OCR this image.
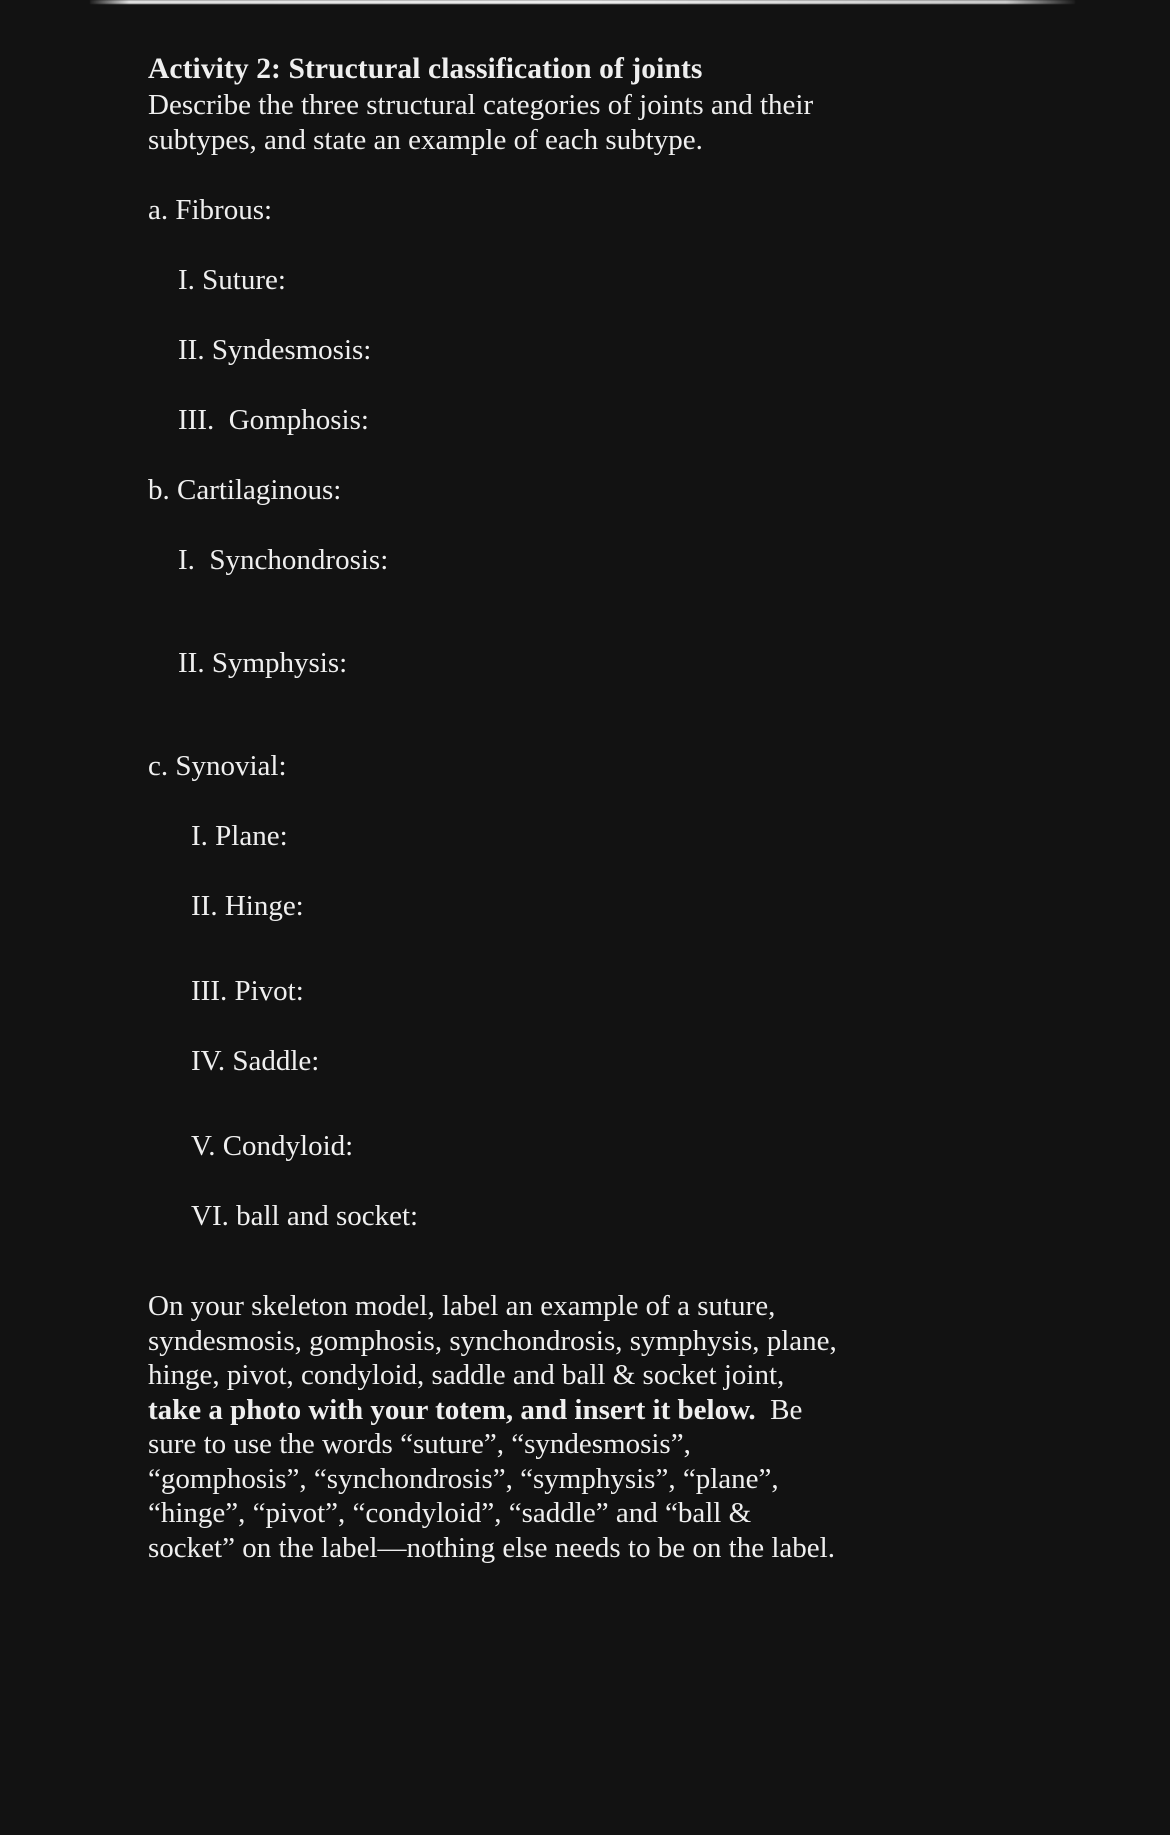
Activity 2: Structural classification of joints
Describe the three structural categories of joints and their subtypes, and state an example of each subtype.
a. Fibrous:
I. Suture:
II. Syndesmosis:
III.  Gomphosis:
b. Cartilaginous:
I.  Synchondrosis:
II. Symphysis:
c. Synovial:
I. Plane:
II. Hinge:
III. Pivot:
IV. Saddle:
V. Condyloid:
VI. ball and socket:
On your skeleton model, label an example of a suture,
syndesmosis, gomphosis, synchondrosis, symphysis, plane,
hinge, pivot, condyloid, saddle and ball & socket joint,
take a photo with your totem, and insert it below.  Be
sure to use the words “suture”, “syndesmosis”,
“gomphosis”, “synchondrosis”, “symphysis”, “plane”,
“hinge”, “pivot”, “condyloid”, “saddle” and “ball &
socket” on the label—nothing else needs to be on the label.
